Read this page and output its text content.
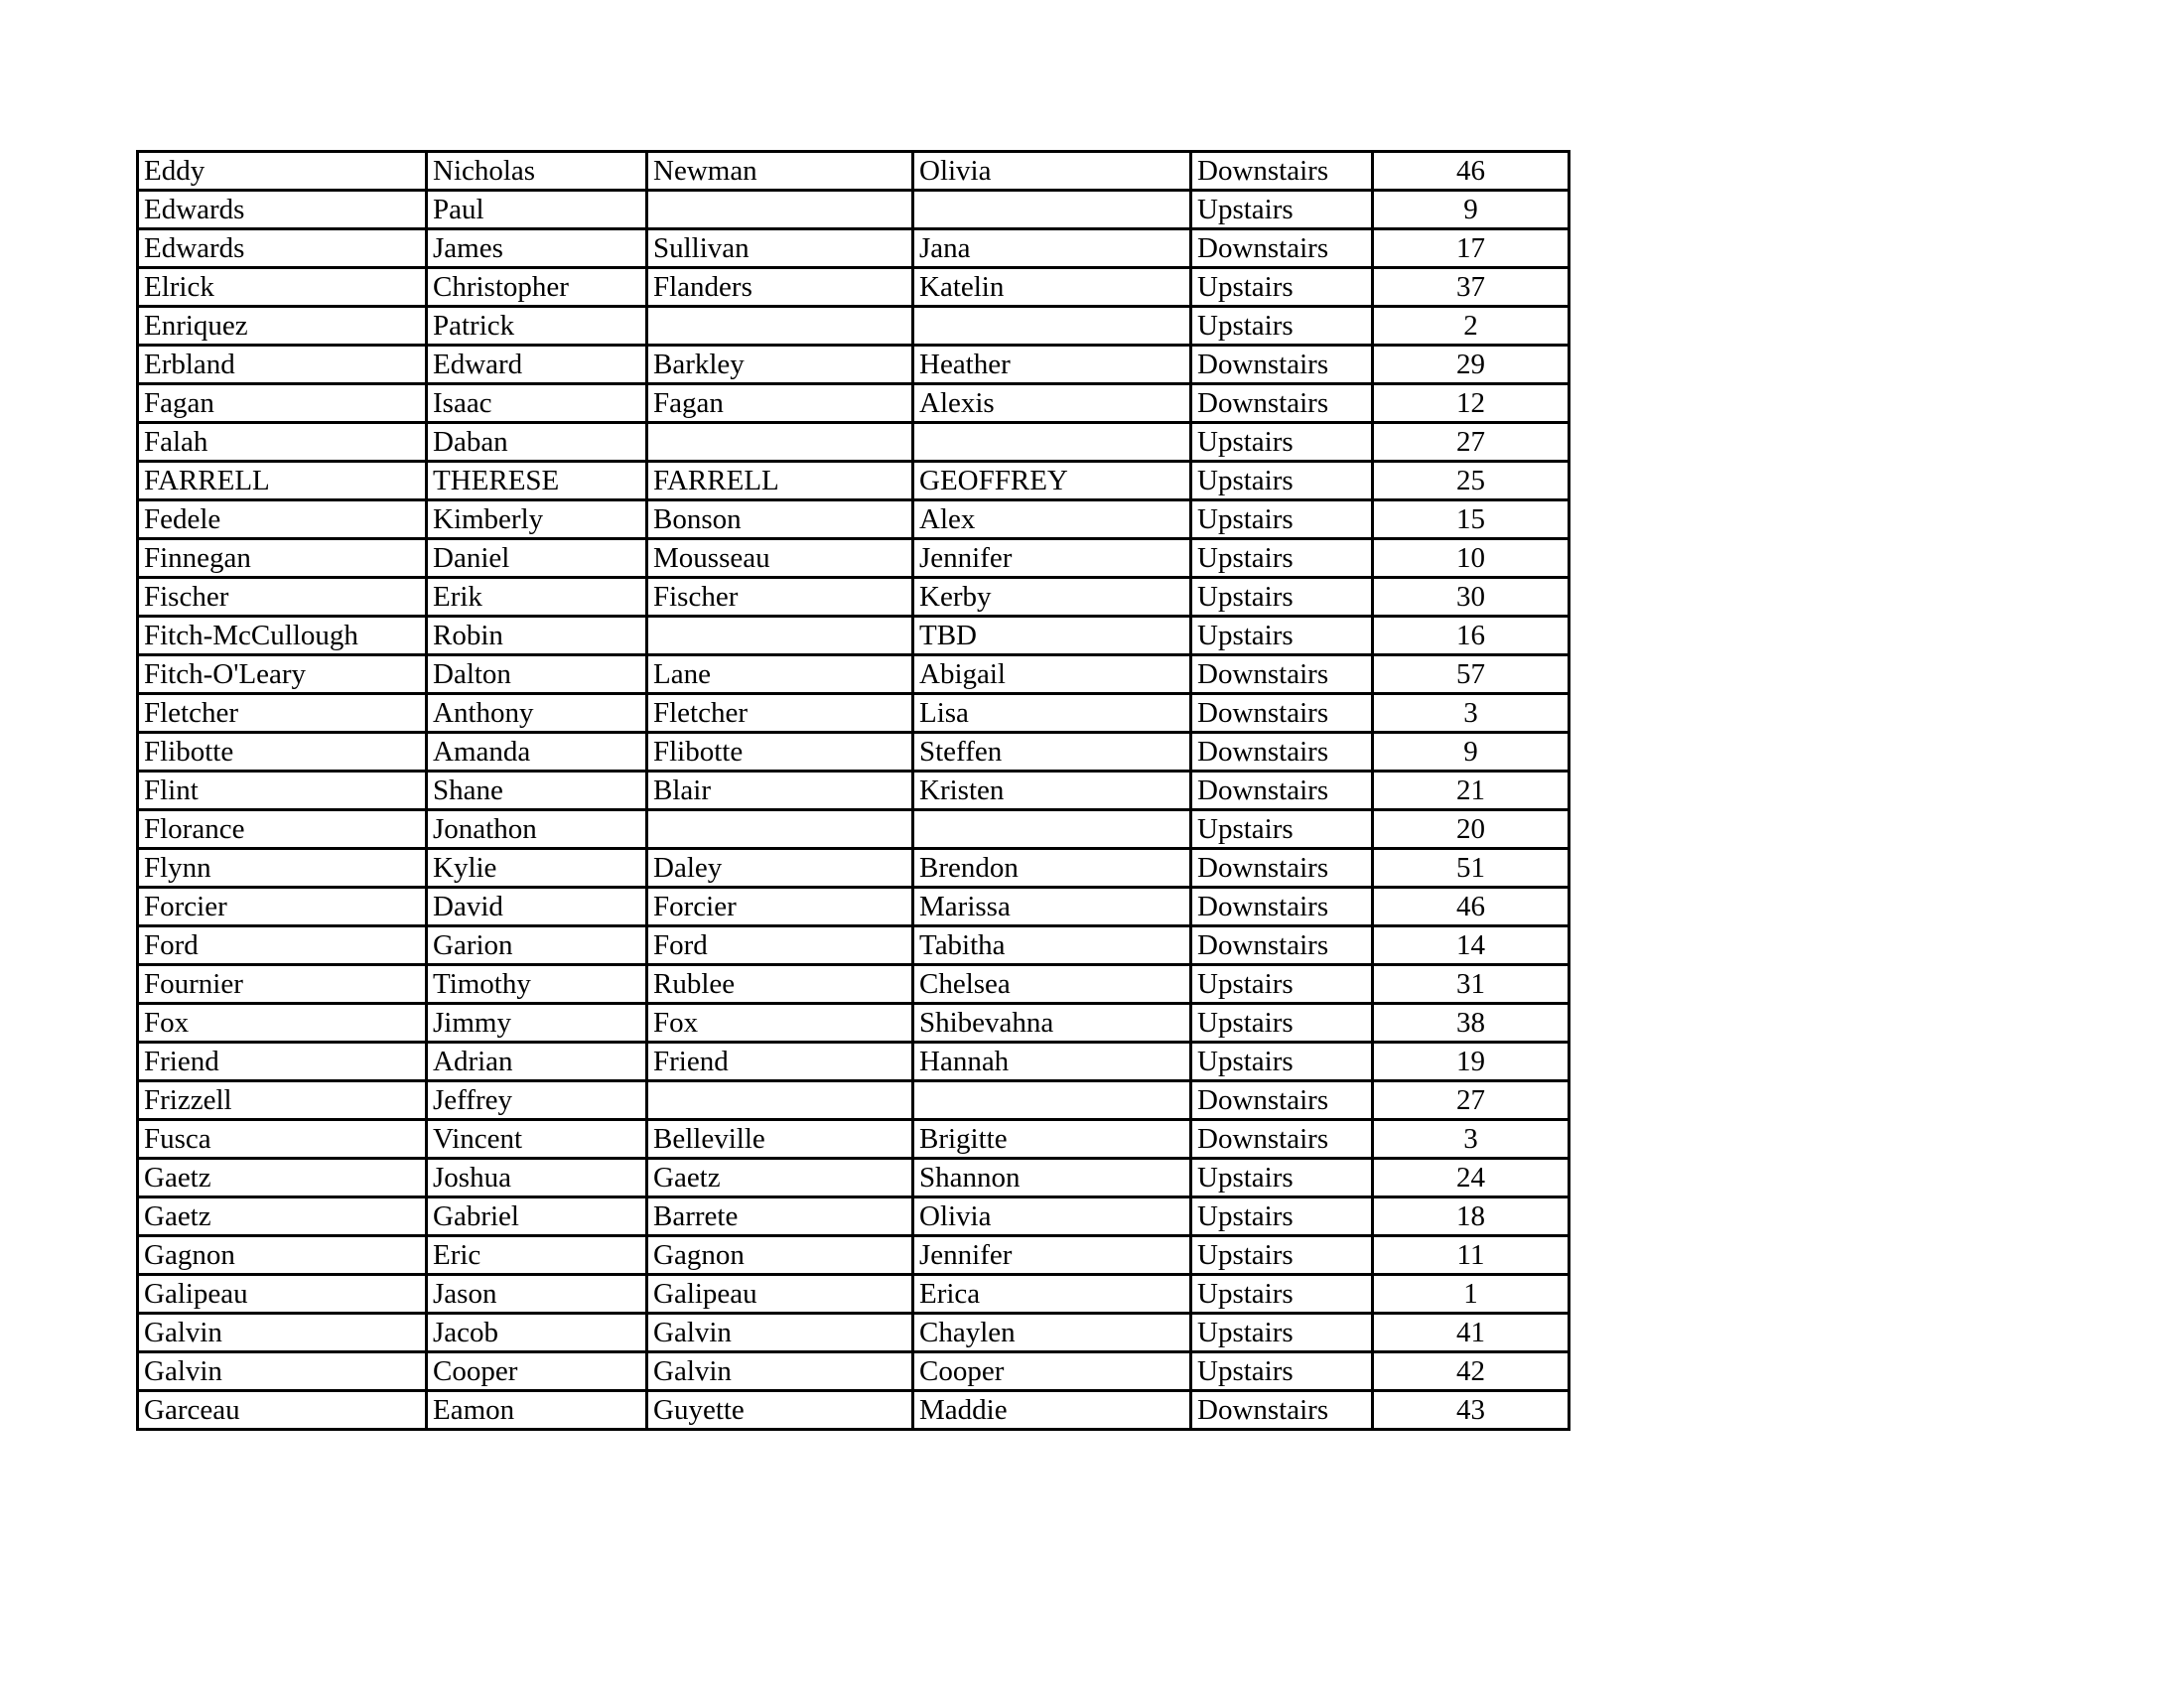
Eddy	Nicholas	Newman	Olivia	Downstairs	46
Edwards	Paul			Upstairs	9
Edwards	James	Sullivan	Jana	Downstairs	17
Elrick	Christopher	Flanders	Katelin	Upstairs	37
Enriquez	Patrick			Upstairs	2
Erbland	Edward	Barkley	Heather	Downstairs	29
Fagan	Isaac	Fagan	Alexis	Downstairs	12
Falah	Daban			Upstairs	27
FARRELL	THERESE	FARRELL	GEOFFREY	Upstairs	25
Fedele	Kimberly	Bonson	Alex	Upstairs	15
Finnegan	Daniel	Mousseau	Jennifer	Upstairs	10
Fischer	Erik	Fischer	Kerby	Upstairs	30
Fitch-McCullough	Robin		TBD	Upstairs	16
Fitch-O'Leary	Dalton	Lane	Abigail	Downstairs	57
Fletcher	Anthony	Fletcher	Lisa	Downstairs	3
Flibotte	Amanda	Flibotte	Steffen	Downstairs	9
Flint	Shane	Blair	Kristen	Downstairs	21
Florance	Jonathon			Upstairs	20
Flynn	Kylie	Daley	Brendon	Downstairs	51
Forcier	David	Forcier	Marissa	Downstairs	46
Ford	Garion	Ford	Tabitha	Downstairs	14
Fournier	Timothy	Rublee	Chelsea	Upstairs	31
Fox	Jimmy	Fox	Shibevahna	Upstairs	38
Friend	Adrian	Friend	Hannah	Upstairs	19
Frizzell	Jeffrey			Downstairs	27
Fusca	Vincent	Belleville	Brigitte	Downstairs	3
Gaetz	Joshua	Gaetz	Shannon	Upstairs	24
Gaetz	Gabriel	Barrete	Olivia	Upstairs	18
Gagnon	Eric	Gagnon	Jennifer	Upstairs	11
Galipeau	Jason	Galipeau	Erica	Upstairs	1
Galvin	Jacob	Galvin	Chaylen	Upstairs	41
Galvin	Cooper	Galvin	Cooper	Upstairs	42
Garceau	Eamon	Guyette	Maddie	Downstairs	43
